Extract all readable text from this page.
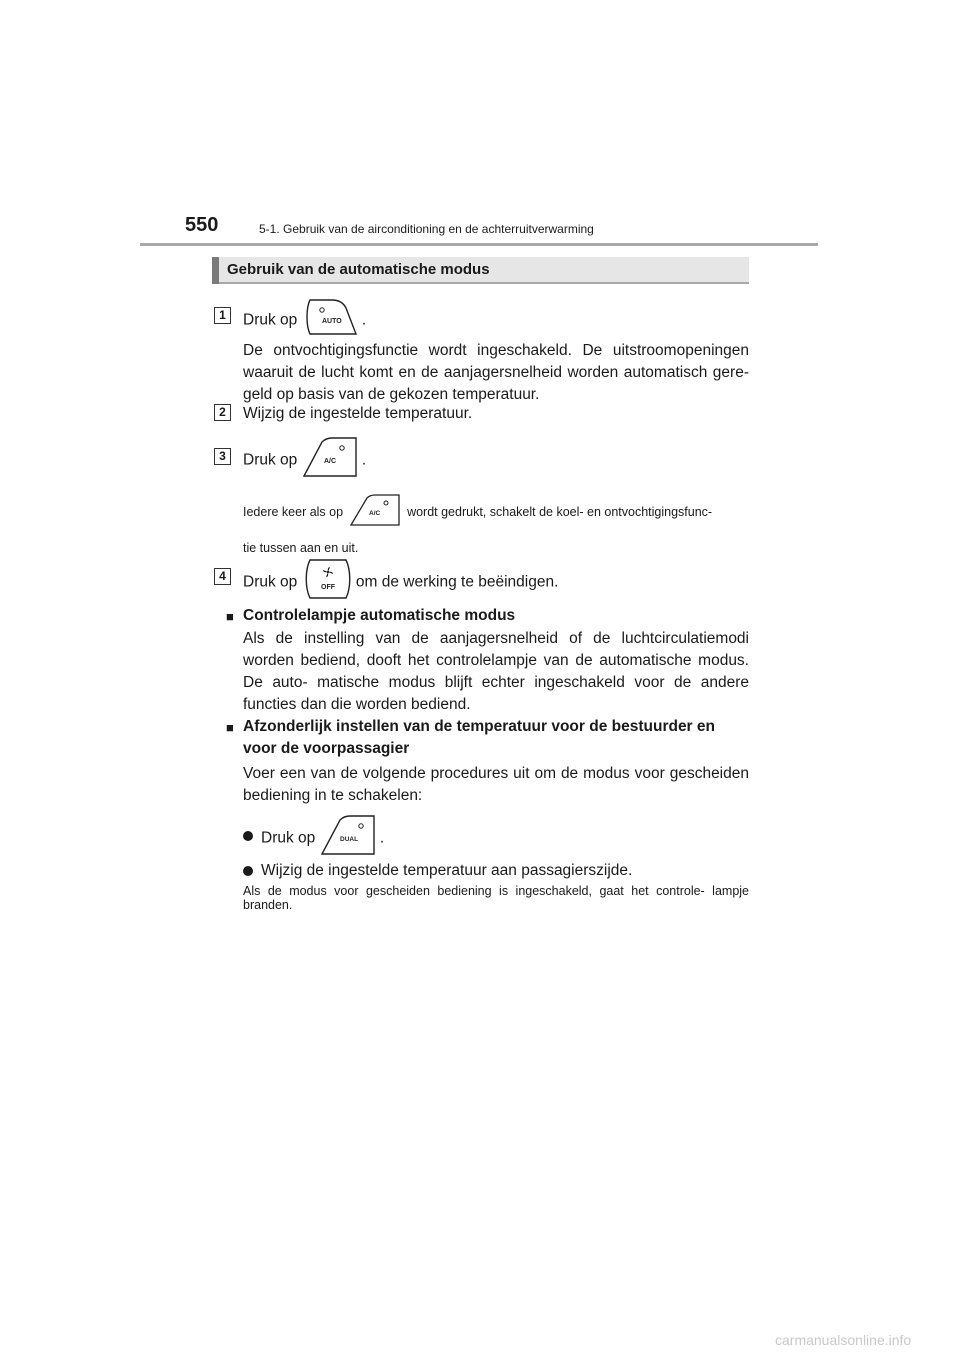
550	5-1. Gebruik van de airconditioning en de achterruitverwarming
Gebruik van de automatische modus
1	Druk op	AUTO .
De ontvochtigingsfunctie wordt ingeschakeld. De uitstroomopeningen waaruit de lucht komt en de aanjagersnelheid worden automatisch gere- geld op basis van de gekozen temperatuur.
2	Wijzig de ingestelde temperatuur.
3	Druk op	A/C .
Iedere keer als op	A/C wordt gedrukt, schakelt de koel- en ontvochtigingsfunc-
tie tussen aan en uit.
4	Druk op	OFF om de werking te beëindigen.
■ Controlelampje automatische modus
Als de instelling van de aanjagersnelheid of de luchtcirculatiemodi worden bediend, dooft het controlelampje van de automatische modus. De auto- matische modus blijft echter ingeschakeld voor de andere functies dan die worden bediend.
■ Afzonderlijk instellen van de temperatuur voor de bestuurder en voor de voorpassagier
Voer een van de volgende procedures uit om de modus voor gescheiden bediening in te schakelen:
Druk op	DUAL .
Wijzig de ingestelde temperatuur aan passagierszijde.
Als de modus voor gescheiden bediening is ingeschakeld, gaat het controle- lampje branden.
carmanualsonline.info
